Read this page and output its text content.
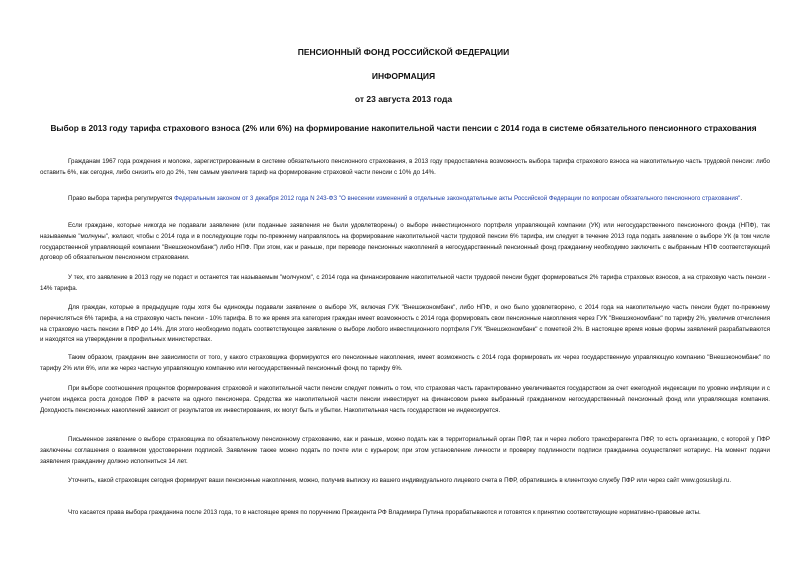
ПЕНСИОННЫЙ ФОНД РОССИЙСКОЙ ФЕДЕРАЦИИ
ИНФОРМАЦИЯ
от 23 августа 2013 года
Выбор в 2013 году тарифа страхового взноса (2% или 6%) на формирование накопительной части пенсии с 2014 года в системе обязательного пенсионного страхования

Гражданам 1967 года рождения и моложе, зарегистрированным в системе обязательного пенсионного страхования, в 2013 году предоставлена возможность выбора тарифа страхового взноса на накопительную часть трудовой пенсии: либо оставить 6%, как сегодня, либо снизить его до 2%, тем самым увеличив тариф на формирование страховой части пенсии с 10% до 14%.

Право выбора тарифа регулируется Федеральным законом от 3 декабря 2012 года N 243-ФЗ "О внесении изменений в отдельные законодательные акты Российской Федерации по вопросам обязательного пенсионного страхования".

Если граждане, которые никогда не подавали заявление (или поданные заявления не были удовлетворены) о выборе инвестиционного портфеля управляющей компании (УК) или негосударственного пенсионного фонда (НПФ), так называемые "молчуны", желают, чтобы с 2014 года и в последующие годы по-прежнему направлялось на формирование накопительной части трудовой пенсии 6% тарифа, им следует в течение 2013 года подать заявление о выборе УК (в том числе государственной управляющей компании "Внешэкономбанк") либо НПФ. При этом, как и раньше, при переводе пенсионных накоплений в негосударственный пенсионный фонд гражданину необходимо заключить с выбранным НПФ соответствующий договор об обязательном пенсионном страховании.

У тех, кто заявление в 2013 году не подаст и останется так называемым "молчуном", с 2014 года на финансирование накопительной части трудовой пенсии будет формироваться 2% тарифа страховых взносов, а на страховую часть пенсии - 14% тарифа.

Для граждан, которые в предыдущие годы хотя бы единожды подавали заявление о выборе УК, включая ГУК "Внешэкономбанк", либо НПФ, и оно было удовлетворено, с 2014 года на накопительную часть пенсии будет по-прежнему перечисляться 6% тарифа, а на страховую часть пенсии - 10% тарифа. В то же время эта категория граждан имеет возможность с 2014 года формировать свои пенсионные накопления через ГУК "Внешэкономбанк" по тарифу 2%, увеличив отчисления на страховую часть пенсии в ПФР до 14%. Для этого необходимо подать соответствующее заявление о выборе любого инвестиционного портфеля ГУК "Внешэкономбанк" с пометкой 2%. В настоящее время новые формы заявлений разрабатываются и находятся на утверждении в профильных министерствах.

Таким образом, гражданин вне зависимости от того, у какого страховщика формируются его пенсионные накопления, имеет возможность с 2014 года формировать их через государственную управляющую компанию "Внешэкономбанк" по тарифу 2% или 6%, или же через частную управляющую компанию или негосударственный пенсионный фонд по тарифу 6%.

При выборе соотношения процентов формирования страховой и накопительной части пенсии следует помнить о том, что страховая часть гарантированно увеличивается государством за счет ежегодной индексации по уровню инфляции и с учетом индекса роста доходов ПФР в расчете на одного пенсионера. Средства же накопительной части пенсии инвестирует на финансовом рынке выбранный гражданином негосударственный пенсионный фонд или управляющая компания. Доходность пенсионных накоплений зависит от результатов их инвестирования, их могут быть и убытки. Накопительная часть государством не индексируется.

Письменное заявление о выборе страховщика по обязательному пенсионному страхованию, как и раньше, можно подать как в территориальный орган ПФР, так и через любого трансферагента ПФР, то есть организацию, с которой у ПФР заключены соглашения о взаимном удостоверении подписей. Заявление также можно подать по почте или с курьером; при этом установление личности и проверку подлинности подписи гражданина осуществляет нотариус. На момент подачи заявления гражданину должно исполниться 14 лет.

Уточнить, какой страховщик сегодня формирует ваши пенсионные накопления, можно, получив выписку из вашего индивидуального лицевого счета в ПФР, обратившись в клиентскую службу ПФР или через сайт www.gosuslugi.ru.

Что касается права выбора гражданина после 2013 года, то в настоящее время по поручению Президента РФ Владимира Путина прорабатываются и готовятся к принятию соответствующие нормативно-правовые акты.
